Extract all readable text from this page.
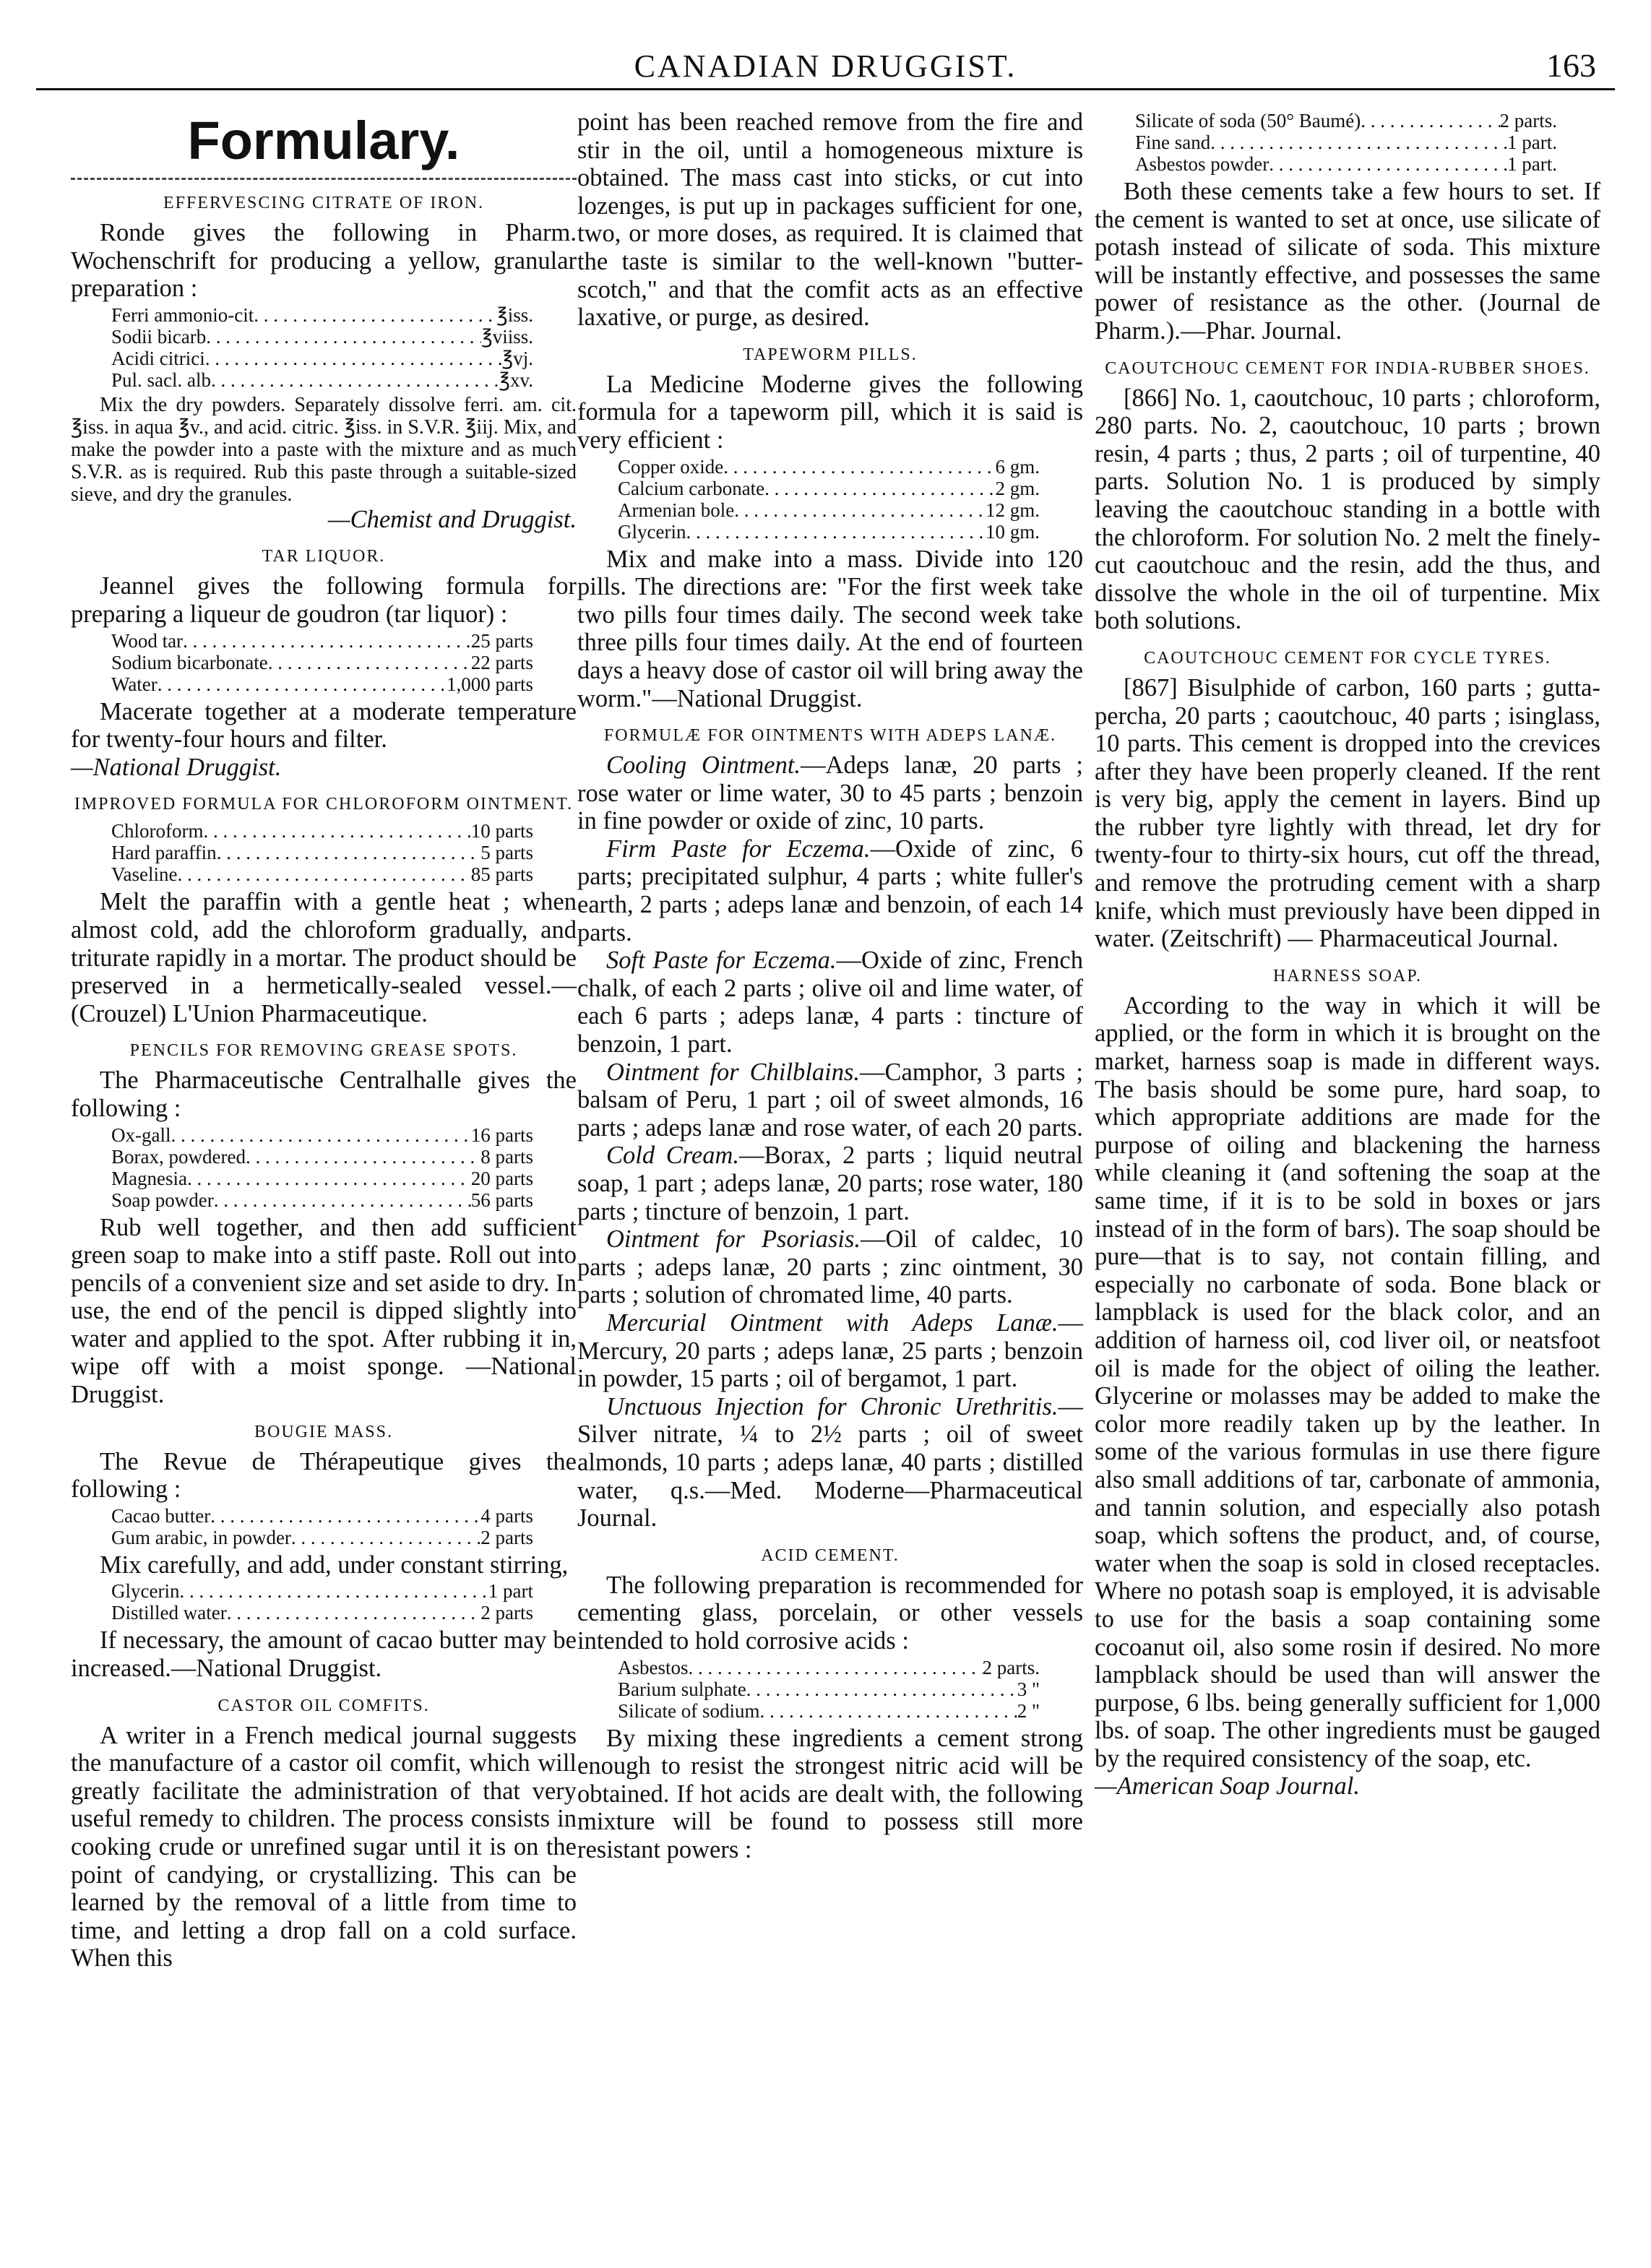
CANADIAN DRUGGIST.	163
Formulary.
EFFERVESCING CITRATE OF IRON.

Ronde gives the following in Pharm. Wochenschrift for producing a yellow, granular preparation :

Ferri ammonio-cit . . .	℥iss.
Sodii bicarb . . .	℥viiss.
Acidi citrici . . .	℥vj.
Pul. sacl. alb . . .	℥xv.

Mix the dry powders. Separately dissolve ferri. am. cit. ℥iss. in aqua ℥v., and acid. citric. ℥iss. in S.V.R. ℥iij. Mix, and make the powder into a paste with the mixture and as much S.V.R. as is required. Rub this paste through a suitable-sized sieve, and dry the granules.

—Chemist and Druggist.

TAR LIQUOR.

Jeannel gives the following formula for preparing a liqueur de goudron (tar liquor) :

Wood tar . . .	25 parts
Sodium bicarbonate . . .	22 parts
Water . . .	1,000 parts

Macerate together at a moderate temperature for twenty-four hours and filter.

—National Druggist.

IMPROVED FORMULA FOR CHLOROFORM OINTMENT.
Chloroform . . .	10 parts
Hard paraffin . . .	5 parts
Vaseline . . .	85 parts

Melt the paraffin with a gentle heat ; when almost cold, add the chloroform gradually, and triturate rapidly in a mortar. The product should be preserved in a hermetically-sealed vessel.—(Crouzel) L'Union Pharmaceutique.

PENCILS FOR REMOVING GREASE SPOTS.

The Pharmaceutische Centralhalle gives the following :

Ox-gall . . .	16 parts
Borax, powdered . . .	8 parts
Magnesia . . .	20 parts
Soap powder . . .	56 parts

Rub well together, and then add sufficient green soap to make into a stiff paste. Roll out into pencils of a convenient size and set aside to dry. In use, the end of the pencil is dipped slightly into water and applied to the spot. After rubbing it in, wipe off with a moist sponge. —National Druggist.

BOUGIE MASS.

The Revue de Thérapeutique gives the following :

Cacao butter . . .	4 parts
Gum arabic, in powder . . .	2 parts

Mix carefully, and add, under constant stirring,

Glycerin . . .	1 part
Distilled water . . .	2 parts

If necessary, the amount of cacao butter may be increased.—National Druggist.

CASTOR OIL COMFITS.

A writer in a French medical journal suggests the manufacture of a castor oil comfit, which will greatly facilitate the administration of that very useful remedy to children. The process consists in cooking crude or unrefined sugar until it is on the point of candying, or crystallizing. This can be learned by the removal of a little from time to time, and letting a drop fall on a cold surface. When this

point has been reached remove from the fire and stir in the oil, until a homogeneous mixture is obtained. The mass cast into sticks, or cut into lozenges, is put up in packages sufficient for one, two, or more doses, as required. It is claimed that the taste is similar to the well-known "butter-scotch," and that the comfit acts as an effective laxative, or purge, as desired.

TAPEWORM PILLS.

La Medicine Moderne gives the following formula for a tapeworm pill, which it is said is very efficient :

Copper oxide . . .	6 gm.
Calcium carbonate . . .	2 gm.
Armenian bole . . .	12 gm.
Glycerin . . .	10 gm.

Mix and make into a mass. Divide into 120 pills. The directions are: "For the first week take two pills four times daily. The second week take three pills four times daily. At the end of fourteen days a heavy dose of castor oil will bring away the worm."—National Druggist.

FORMULÆ FOR OINTMENTS WITH ADEPS LANÆ.

Cooling Ointment.—Adeps lanæ, 20 parts ; rose water or lime water, 30 to 45 parts ; benzoin in fine powder or oxide of zinc, 10 parts.

Firm Paste for Eczema.—Oxide of zinc, 6 parts; precipitated sulphur, 4 parts ; white fuller's earth, 2 parts ; adeps lanæ and benzoin, of each 14 parts.

Soft Paste for Eczema.—Oxide of zinc, French chalk, of each 2 parts ; olive oil and lime water, of each 6 parts ; adeps lanæ, 4 parts : tincture of benzoin, 1 part.

Ointment for Chilblains.—Camphor, 3 parts ; balsam of Peru, 1 part ; oil of sweet almonds, 16 parts ; adeps lanæ and rose water, of each 20 parts.

Cold Cream.—Borax, 2 parts ; liquid neutral soap, 1 part ; adeps lanæ, 20 parts; rose water, 180 parts ; tincture of benzoin, 1 part.

Ointment for Psoriasis.—Oil of caldec, 10 parts ; adeps lanæ, 20 parts ; zinc ointment, 30 parts ; solution of chromated lime, 40 parts.

Mercurial Ointment with Adeps Lanæ.—Mercury, 20 parts ; adeps lanæ, 25 parts ; benzoin in powder, 15 parts ; oil of bergamot, 1 part.

Unctuous Injection for Chronic Urethritis.—Silver nitrate, ¼ to 2½ parts ; oil of sweet almonds, 10 parts ; adeps lanæ, 40 parts ; distilled water, q.s.—Med. Moderne—Pharmaceutical Journal.

ACID CEMENT.

The following preparation is recommended for cementing glass, porcelain, or other vessels intended to hold corrosive acids :

Asbestos . . .	2 parts.
Barium sulphate . . .	3 "
Silicate of sodium . . .	2 "

By mixing these ingredients a cement strong enough to resist the strongest nitric acid will be obtained. If hot acids are dealt with, the following mixture will be found to possess still more resistant powers :

Silicate of soda (50° Baumé) . . .	2 parts.
Fine sand . . .	1 part.
Asbestos powder . . .	1 part.

Both these cements take a few hours to set. If the cement is wanted to set at once, use silicate of potash instead of silicate of soda. This mixture will be instantly effective, and possesses the same power of resistance as the other. (Journal de Pharm.).—Phar. Journal.

CAOUTCHOUC CEMENT FOR INDIA-RUBBER SHOES.

[866] No. 1, caoutchouc, 10 parts ; chloroform, 280 parts. No. 2, caoutchouc, 10 parts ; brown resin, 4 parts ; thus, 2 parts ; oil of turpentine, 40 parts. Solution No. 1 is produced by simply leaving the caoutchouc standing in a bottle with the chloroform. For solution No. 2 melt the finely-cut caoutchouc and the resin, add the thus, and dissolve the whole in the oil of turpentine. Mix both solutions.

CAOUTCHOUC CEMENT FOR CYCLE TYRES.

[867] Bisulphide of carbon, 160 parts ; gutta-percha, 20 parts ; caoutchouc, 40 parts ; isinglass, 10 parts. This cement is dropped into the crevices after they have been properly cleaned. If the rent is very big, apply the cement in layers. Bind up the rubber tyre lightly with thread, let dry for twenty-four to thirty-six hours, cut off the thread, and remove the protruding cement with a sharp knife, which must previously have been dipped in water. (Zeitschrift) — Pharmaceutical Journal.

HARNESS SOAP.

According to the way in which it will be applied, or the form in which it is brought on the market, harness soap is made in different ways. The basis should be some pure, hard soap, to which appropriate additions are made for the purpose of oiling and blackening the harness while cleaning it (and softening the soap at the same time, if it is to be sold in boxes or jars instead of in the form of bars). The soap should be pure—that is to say, not contain filling, and especially no carbonate of soda. Bone black or lampblack is used for the black color, and an addition of harness oil, cod liver oil, or neatsfoot oil is made for the object of oiling the leather. Glycerine or molasses may be added to make the color more readily taken up by the leather. In some of the various formulas in use there figure also small additions of tar, carbonate of ammonia, and tannin solution, and especially also potash soap, which softens the product, and, of course, water when the soap is sold in closed receptacles. Where no potash soap is employed, it is advisable to use for the basis a soap containing some cocoanut oil, also some rosin if desired. No more lampblack should be used than will answer the purpose, 6 lbs. being generally sufficient for 1,000 lbs. of soap. The other ingredients must be gauged by the required consistency of the soap, etc.

—American Soap Journal.
